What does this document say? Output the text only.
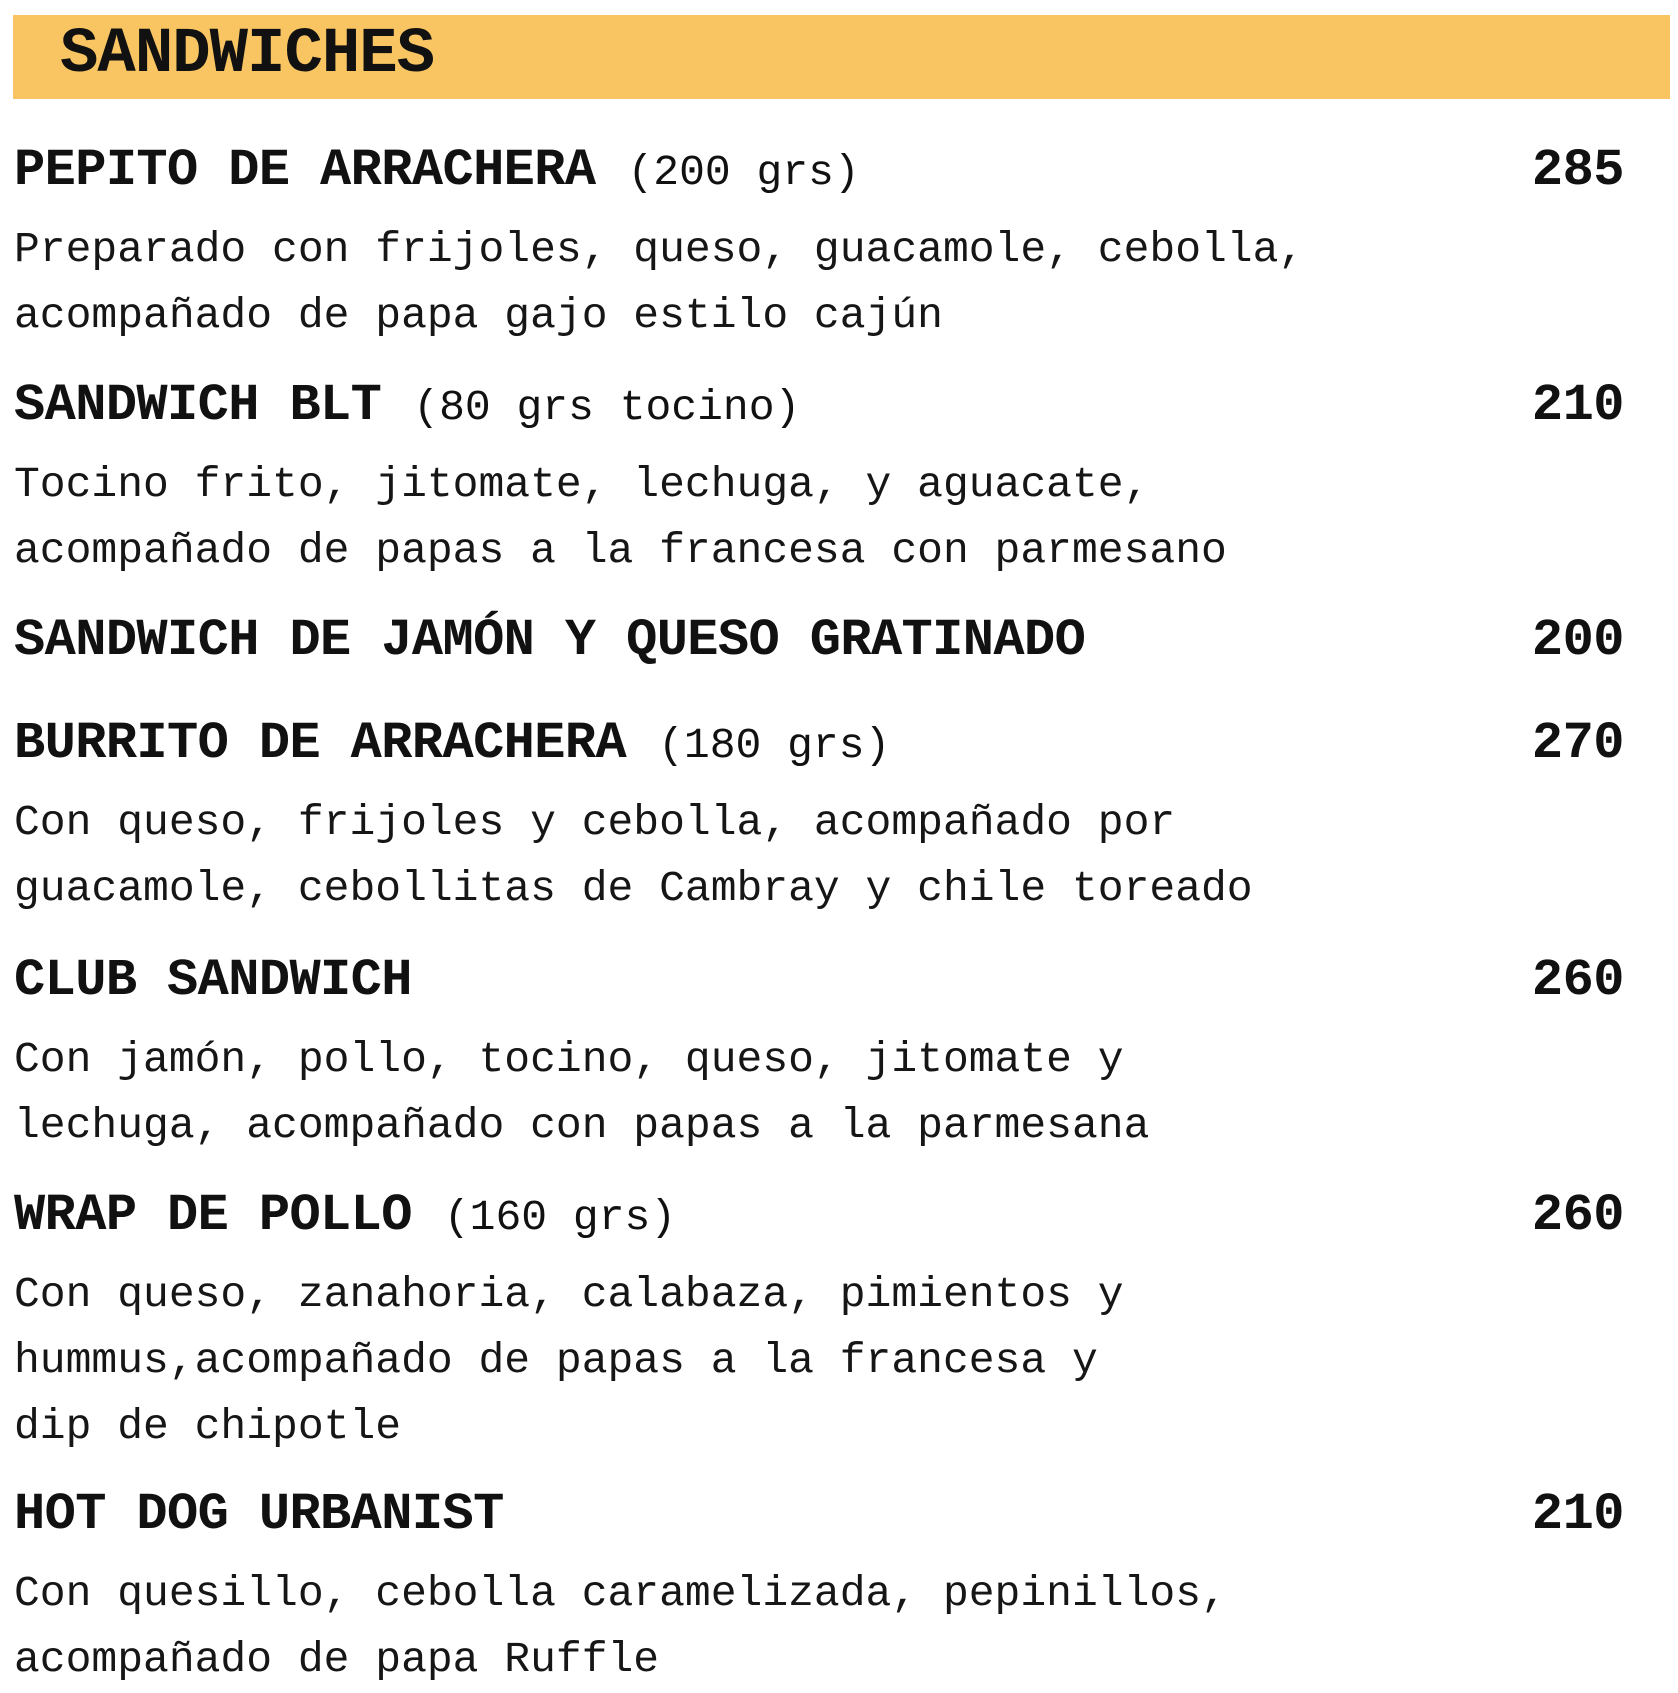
SANDWICHES
PEPITO DE ARRACHERA (200 grs)	285

Preparado con frijoles, queso, guacamole, cebolla,
acompañado de papa gajo estilo cajún

SANDWICH BLT (80 grs tocino)	210

Tocino frito, jitomate, lechuga, y aguacate,
acompañado de papas a la francesa con parmesano

SANDWICH DE JAMÓN Y QUESO GRATINADO	200
BURRITO DE ARRACHERA (180 grs)	270

Con queso, frijoles y cebolla, acompañado por
guacamole, cebollitas de Cambray y chile toreado

CLUB SANDWICH	260

Con jamón, pollo, tocino, queso, jitomate y
lechuga, acompañado con papas a la parmesana

WRAP DE POLLO (160 grs)	260

Con queso, zanahoria, calabaza, pimientos y
hummus,acompañado de papas a la francesa y
dip de chipotle

HOT DOG URBANIST	210

Con quesillo, cebolla caramelizada, pepinillos,
acompañado de papa Ruffle
